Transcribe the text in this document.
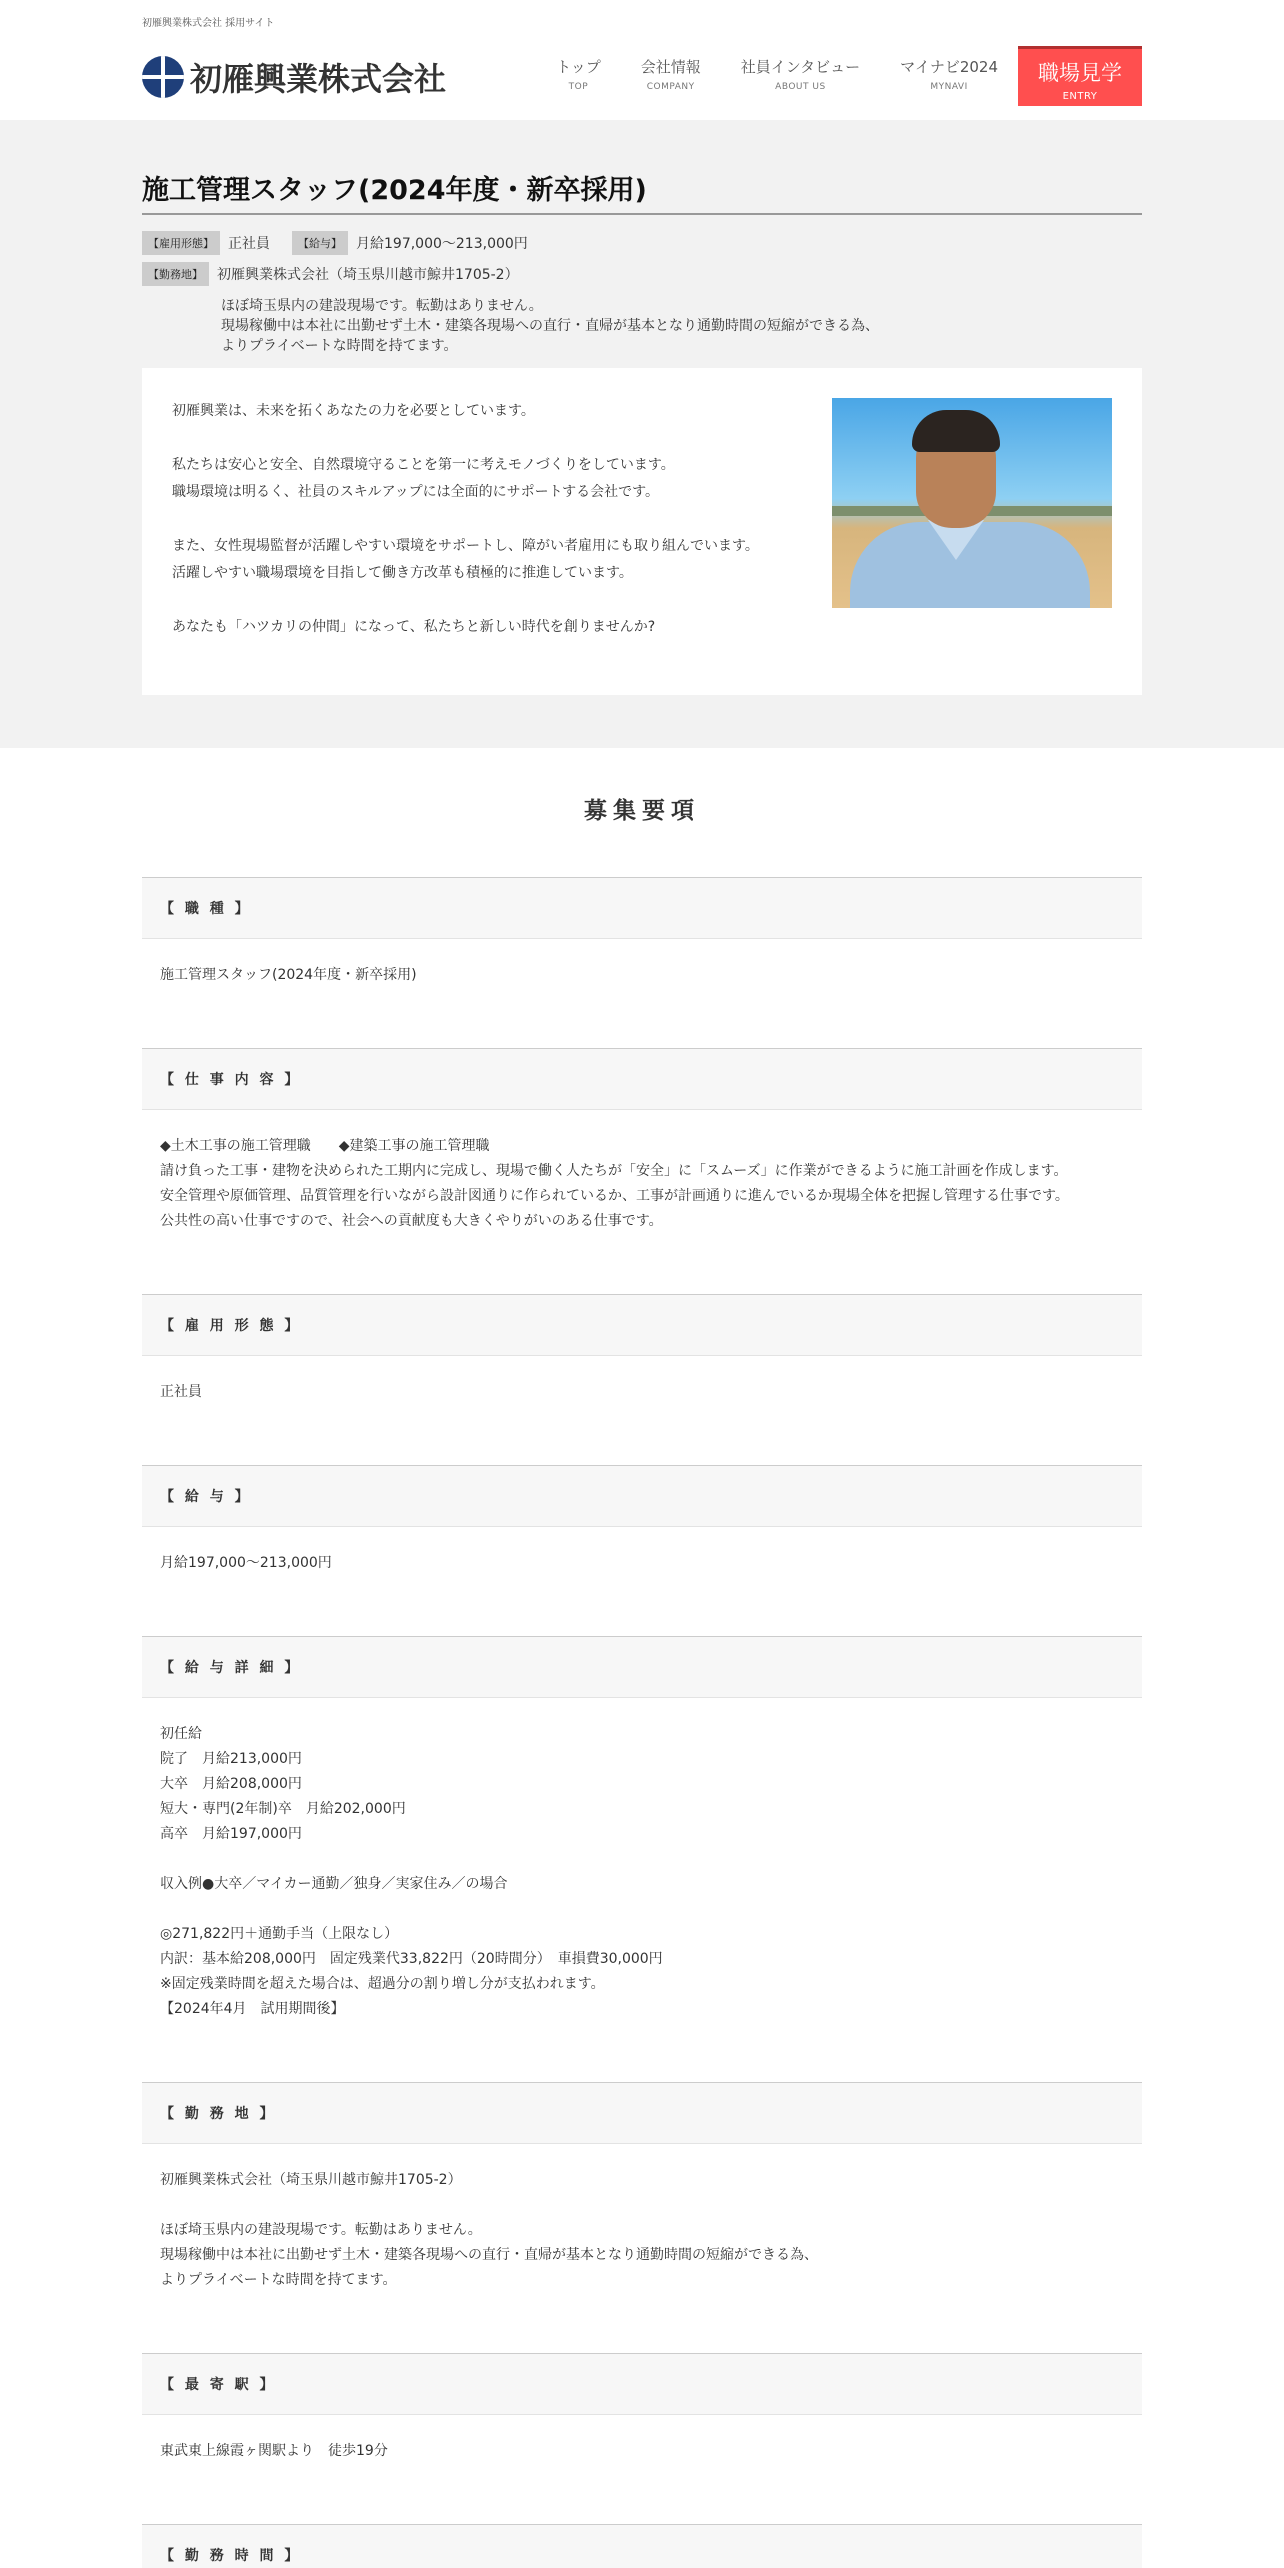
初雁興業株式会社 採用サイト
初雁興業株式会社	トップ
TOP
会社情報
COMPANY
社員インタビュー
ABOUT US
マイナビ2024
MYNAVI
職場見学
ENTRY
施工管理スタッフ(2024年度・新卒採用)
【雇用形態】	正社員	【給与】	月給197,000～213,000円
【勤務地】	初雁興業株式会社（埼玉県川越市鯨井1705-2）
ほぼ埼玉県内の建設現場です。転勤はありません。
現場稼働中は本社に出勤せず土木・建築各現場への直行・直帰が基本となり通勤時間の短縮ができる為、
よりプライベートな時間を持てます。

初雁興業は、未来を拓くあなたの力を必要としています。

私たちは安心と安全、自然環境守ることを第一に考えモノづくりをしています。
職場環境は明るく、社員のスキルアップには全面的にサポートする会社です。

また、女性現場監督が活躍しやすい環境をサポートし、障がい者雇用にも取り組んでいます。
活躍しやすい職場環境を目指して働き方改革も積極的に推進しています。

あなたも「ハツカリの仲間」になって、私たちと新しい時代を創りませんか?

募集要項
【 職 種 】
施工管理スタッフ(2024年度・新卒採用)
【 仕 事 内 容 】
◆土木工事の施工管理職　　◆建築工事の施工管理職
請け負った工事・建物を決められた工期内に完成し、現場で働く人たちが「安全」に「スムーズ」に作業ができるように施工計画を作成します。
安全管理や原価管理、品質管理を行いながら設計図通りに作られているか、工事が計画通りに進んでいるか現場全体を把握し管理する仕事です。
公共性の高い仕事ですので、社会への貢献度も大きくやりがいのある仕事です。
【 雇 用 形 態 】
正社員
【 給 与 】
月給197,000～213,000円
【 給 与 詳 細 】
初任給
院了　月給213,000円
大卒　月給208,000円
短大・専門(2年制)卒　月給202,000円
高卒　月給197,000円
収入例●大卒／マイカー通勤／独身／実家住み／の場合
◎271,822円＋通勤手当（上限なし）
内訳：基本給208,000円　固定残業代33,822円（20時間分）　車損費30,000円
※固定残業時間を超えた場合は、超過分の割り増し分が支払われます。
【2024年4月　試用期間後】
【 勤 務 地 】
初雁興業株式会社（埼玉県川越市鯨井1705-2）
ほぼ埼玉県内の建設現場です。転勤はありません。
現場稼働中は本社に出勤せず土木・建築各現場への直行・直帰が基本となり通勤時間の短縮ができる為、
よりプライベートな時間を持てます。
【 最 寄 駅 】
東武東上線霞ヶ関駅より　徒歩19分
【 勤 務 時 間 】
